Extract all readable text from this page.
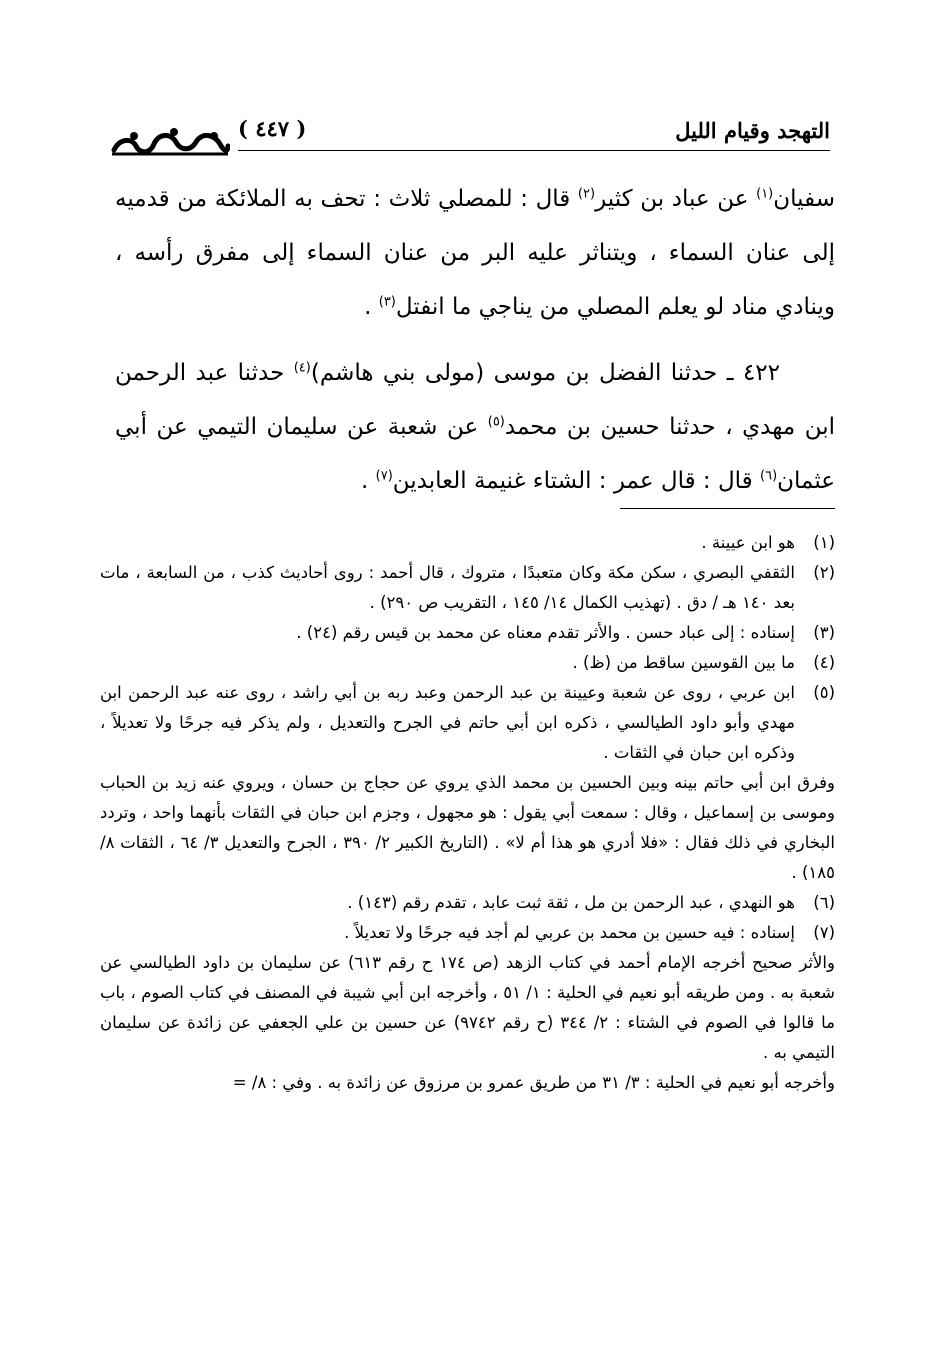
التهجد وقيام الليل
( ٤٤٧ )

سفيان$^{(١)}$ عن عباد بن كثير$^{(٢)}$ قال : للمصلي ثلاث : تحف به الملائكة من قدميه إلى عنان السماء ، ويتناثر عليه البر من عنان السماء إلى مفرق رأسه ، وينادي مناد لو يعلم المصلي من يناجي ما انفتل$^{(٣)}$ .

٤٢٢ ـ حدثنا الفضل بن موسى (مولى بني هاشم)$^{(٤)}$ حدثنا عبد الرحمن ابن مهدي ، حدثنا حسين بن محمد$^{(٥)}$ عن شعبة عن سليمان التيمي عن أبي عثمان$^{(٦)}$ قال : قال عمر : الشتاء غنيمة العابدين$^{(٧)}$ .

(١)
هو ابن عيينة .
(٢)
الثقفي البصري ، سكن مكة وكان متعبدًا ، متروك ، قال أحمد : روى أحاديث كذب ، من السابعة ، مات بعد ١٤٠ هـ / دق . (تهذيب الكمال ١٤/ ١٤٥ ، التقريب ص ٢٩٠) .
(٣)
إسناده : إلى عباد حسن . والأثر تقدم معناه عن محمد بن قيس رقم (٢٤) .
(٤)
ما بين القوسين ساقط من (ظ) .
(٥)
ابن عربي ، روى عن شعبة وعيينة بن عبد الرحمن وعبد ربه بن أبي راشد ، روى عنه عبد الرحمن ابن مهدي وأبو داود الطيالسي ، ذكره ابن أبي حاتم في الجرح والتعديل ، ولم يذكر فيه جرحًا ولا تعديلاً ، وذكره ابن حبان في الثقات .

وفرق ابن أبي حاتم بينه وبين الحسين بن محمد الذي يروي عن حجاج بن حسان ، ويروي عنه زيد بن الحباب وموسى بن إسماعيل ، وقال : سمعت أبي يقول : هو مجهول ، وجزم ابن حبان في الثقات بأنهما واحد ، وتردد البخاري في ذلك فقال : «فلا أدري هو هذا أم لا» . (التاريخ الكبير ٢/ ٣٩٠ ، الجرح والتعديل ٣/ ٦٤ ، الثقات ٨/ ١٨٥) .

(٦)
هو النهدي ، عبد الرحمن بن مل ، ثقة ثبت عابد ، تقدم رقم (١٤٣) .
(٧)
إسناده : فيه حسين بن محمد بن عربي لم أجد فيه جرحًا ولا تعديلاً .

والأثر صحيح أخرجه الإمام أحمد في كتاب الزهد (ص ١٧٤ ح رقم ٦١٣) عن سليمان بن داود الطيالسي عن شعبة به . ومن طريقه أبو نعيم في الحلية : ١/ ٥١ ، وأخرجه ابن أبي شيبة في المصنف في كتاب الصوم ، باب ما قالوا في الصوم في الشتاء : ٢/ ٣٤٤ (ح رقم ٩٧٤٢) عن حسين بن علي الجعفي عن زائدة عن سليمان التيمي به .

وأخرجه أبو نعيم في الحلية : ٣/ ٣١ من طريق عمرو بن مرزوق عن زائدة به . وفي : ٨/ =
